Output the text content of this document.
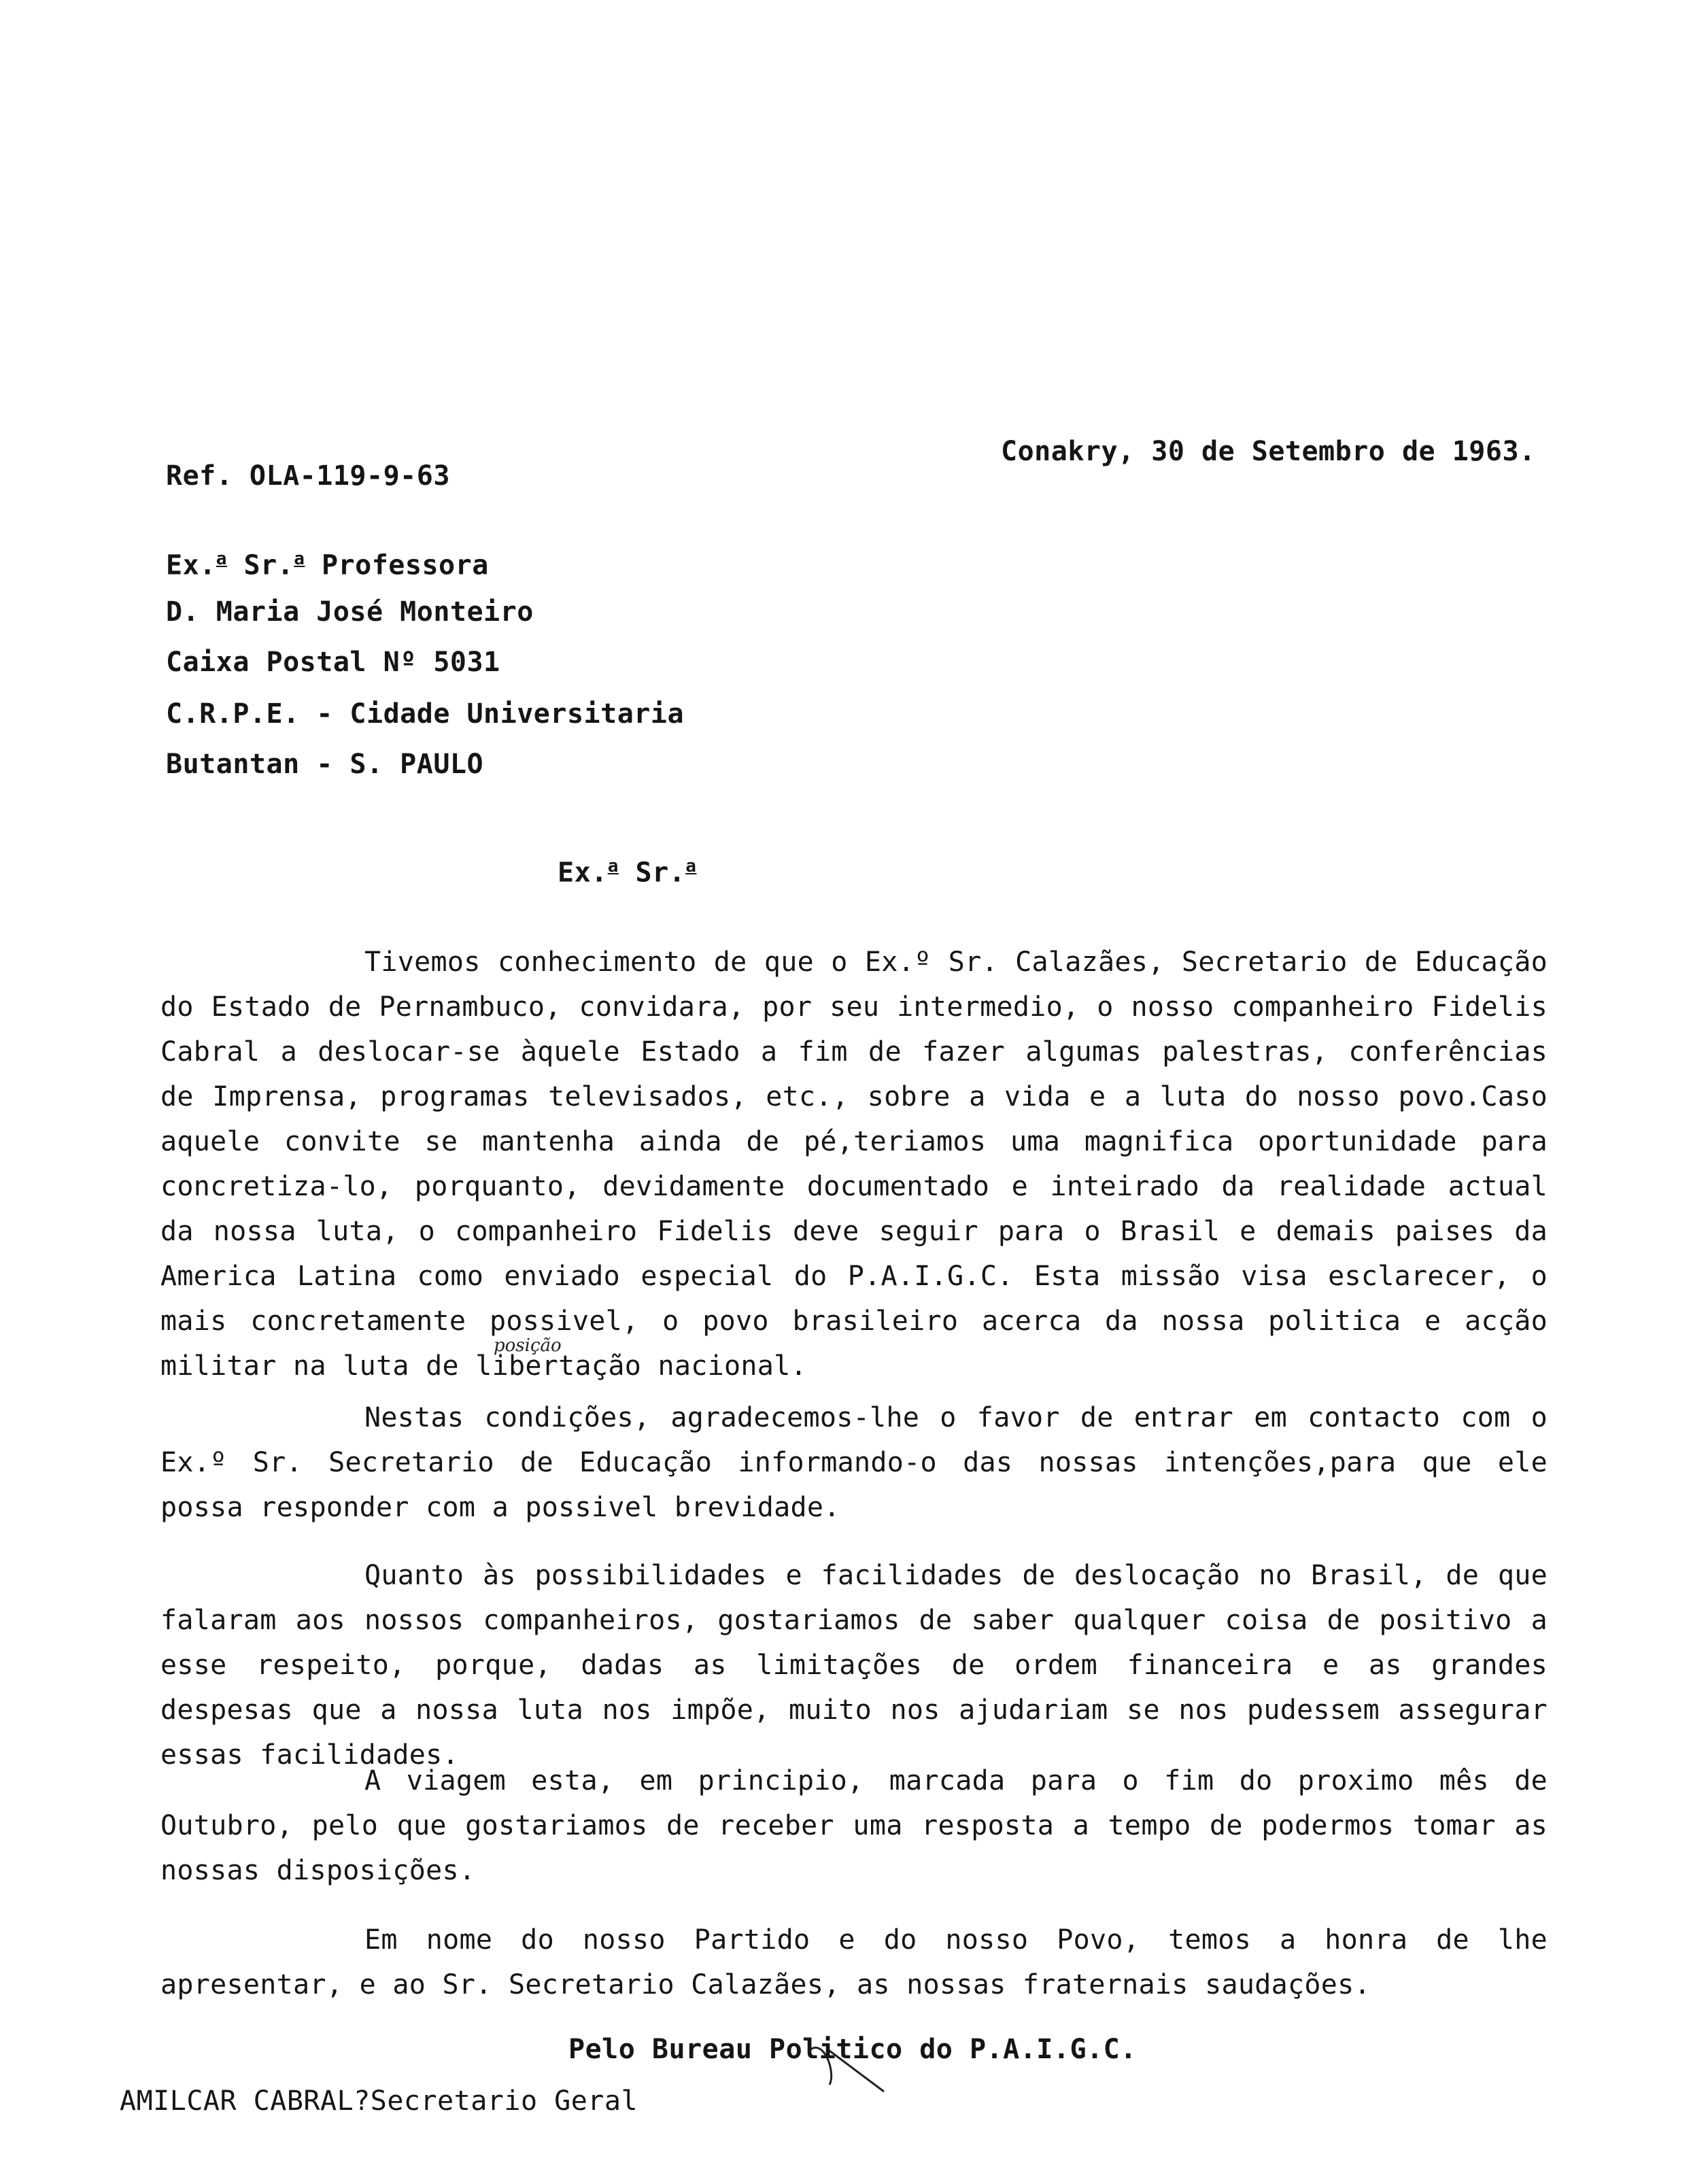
Conakry, 30 de Setembro de 1963.
Ref. OLA-119-9-63
Ex.$^a$ Sr.$^a$ Professora
D. Maria José Monteiro
Caixa Postal Nº 5031
C.R.P.E. - Cidade Universitaria
Butantan - S. PAULO
Ex.$^a$ Sr.$^a$

Tivemos conhecimento de que o Ex.º Sr. Calazães, Secretario de Educação do Estado de Pernambuco, convidara, por seu intermedio, o nosso companheiro Fidelis Cabral a deslocar-se àquele Estado a fim de fazer algumas palestras, conferências de Imprensa, programas televisados, etc., sobre a vida e a luta do nosso povo.Caso aquele convite se mantenha ainda de pé,teriamos uma magnifica oportunidade para concretiza-lo, porquanto, devidamente documentado e inteirado da realidade actual da nossa luta, o companheiro Fidelis deve seguir para o Brasil e demais paises da America Latina como enviado especial do P.A.I.G.C. Esta missão visa esclarecer, o mais concretamente possivel, o povo brasileiro acerca da nossa politica e acção militar na luta de libertação nacional.

posição

Nestas condições, agradecemos-lhe o favor de entrar em contacto com o Ex.º Sr. Secretario de Educação informando-o das nossas intenções,para que ele possa responder com a possivel brevidade.

Quanto às possibilidades e facilidades de deslocação no Brasil, de que falaram aos nossos companheiros, gostariamos de saber qualquer coisa de positivo a esse respeito, porque, dadas as limitações de ordem financeira e as grandes despesas que a nossa luta nos impõe, muito nos ajudariam se nos pudessem assegurar essas facilidades.

A viagem esta, em principio, marcada para o fim do proximo mês de Outubro, pelo que gostariamos de receber uma resposta a tempo de podermos tomar as nossas disposições.

Em nome do nosso Partido e do nosso Povo, temos a honra de lhe apresentar, e ao Sr. Secretario Calazães, as nossas fraternais saudações.

Pelo Bureau Politico do P.A.I.G.C.
AMILCAR CABRAL?Secretario Geral
